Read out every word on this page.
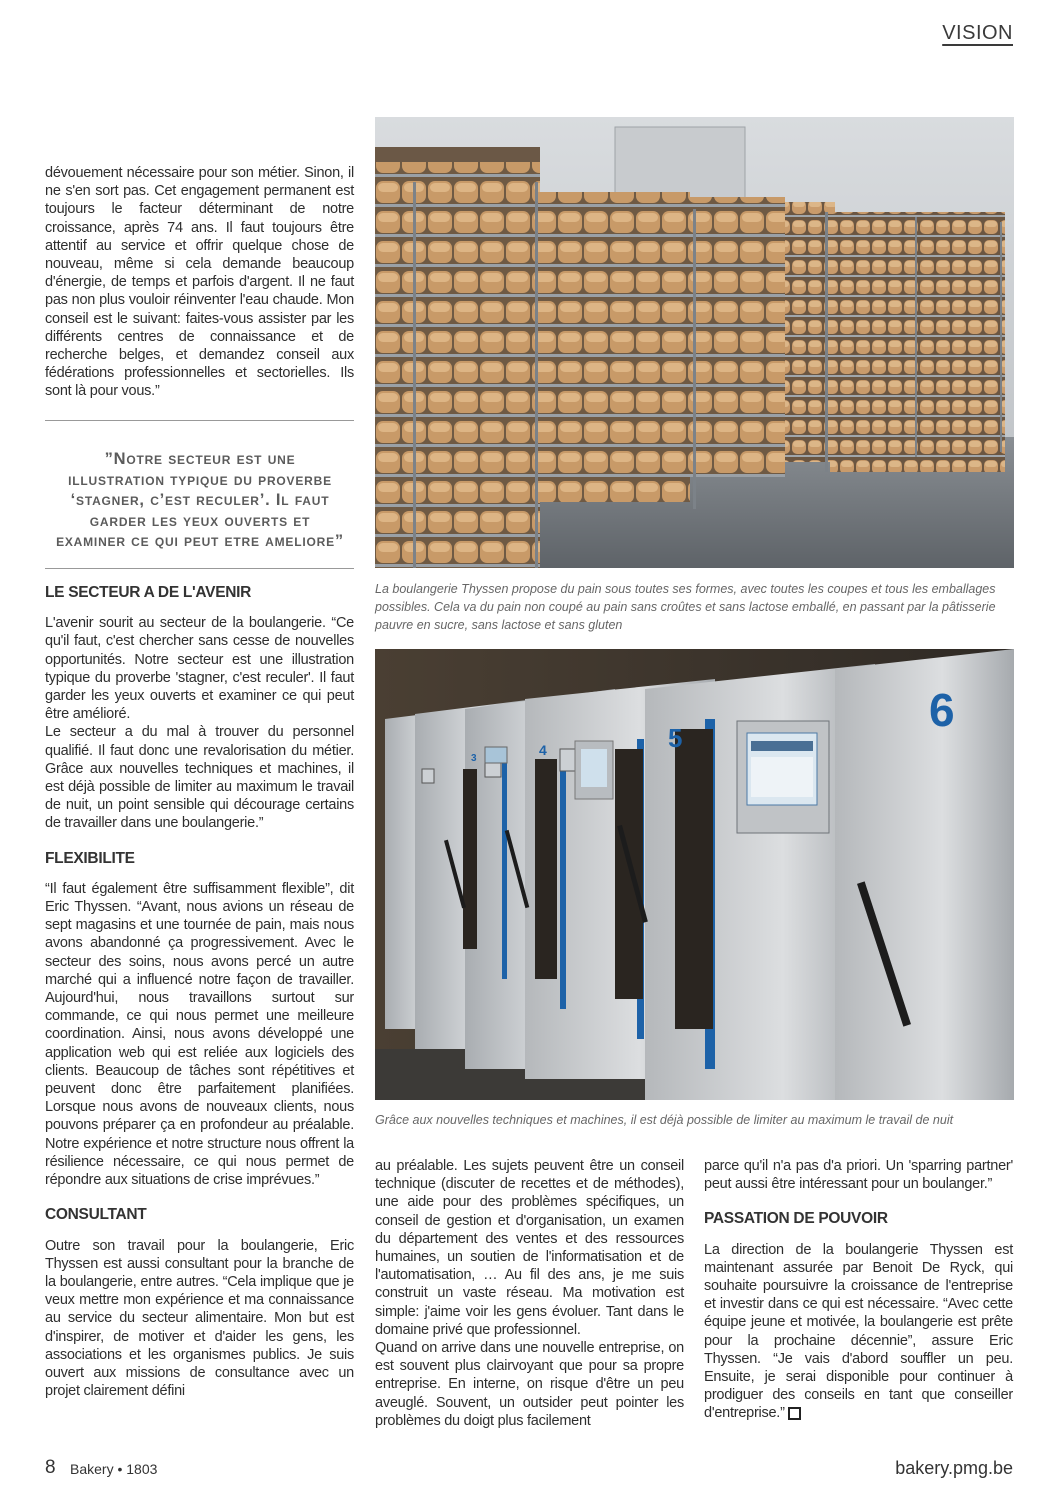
VISION

dévouement nécessaire pour son métier. Sinon, il ne s'en sort pas. Cet engagement permanent est toujours le facteur déterminant de notre croissance, après 74 ans. Il faut toujours être attentif au service et offrir quelque chose de nouveau, même si cela demande beaucoup d'énergie, de temps et parfois d'argent. Il ne faut pas non plus vouloir réinventer l'eau chaude. Mon conseil est le suivant: faites-vous assister par les différents centres de connaissance et de recherche belges, et demandez conseil aux fédérations professionnelles et sectorielles. Ils sont là pour vous.”

”Notre secteur est une illustration typique du proverbe ‘stagner, c’est reculer’. Il faut garder les yeux ouverts et examiner ce qui peut etre ameliore”

LE SECTEUR A DE L'AVENIR

L'avenir sourit au secteur de la boulangerie. “Ce qu'il faut, c'est chercher sans cesse de nouvelles opportunités. Notre secteur est une illustration typique du proverbe 'stagner, c'est reculer'. Il faut garder les yeux ouverts et examiner ce qui peut être amélioré.

Le secteur a du mal à trouver du personnel qualifié. Il faut donc une revalorisation du métier. Grâce aux nouvelles techniques et machines, il est déjà possible de limiter au maximum le travail de nuit, un point sensible qui décourage certains de travailler dans une boulangerie.”

FLEXIBILITE

“Il faut également être suffisamment flexible”, dit Eric Thyssen. “Avant, nous avions un réseau de sept magasins et une tournée de pain, mais nous avons abandonné ça progressivement. Avec le secteur des soins, nous avons percé un autre marché qui a influencé notre façon de travailler. Aujourd'hui, nous travaillons surtout sur commande, ce qui nous permet une meilleure coordination. Ainsi, nous avons développé une application web qui est reliée aux logiciels des clients. Beaucoup de tâches sont répétitives et peuvent donc être parfaitement planifiées. Lorsque nous avons de nouveaux clients, nous pouvons préparer ça en profondeur au préalable. Notre expérience et notre structure nous offrent la résilience nécessaire, ce qui nous permet de répondre aux situations de crise imprévues.”

CONSULTANT

Outre son travail pour la boulangerie, Eric Thyssen est aussi consultant pour la branche de la boulangerie, entre autres. “Cela implique que je veux mettre mon expérience et ma connaissance au service du secteur alimentaire. Mon but est d'inspirer, de motiver et d'aider les gens, les associations et les organismes publics. Je suis ouvert aux missions de consultance avec un projet clairement défini

La boulangerie Thyssen propose du pain sous toutes ses formes, avec toutes les coupes et tous les emballages possibles. Cela va du pain non coupé au pain sans croûtes et sans lactose emballé, en passant par la pâtisserie pauvre en sucre, sans lactose et sans gluten
5
6
4
3
Grâce aux nouvelles techniques et machines, il est déjà possible de limiter au maximum le travail de nuit

au préalable. Les sujets peuvent être un conseil technique (discuter de recettes et de méthodes), une aide pour des problèmes spécifiques, un conseil de gestion et d'organisation, un examen du département des ventes et des ressources humaines, un soutien de l'informatisation et de l'automatisation, … Au fil des ans, je me suis construit un vaste réseau. Ma motivation est simple: j'aime voir les gens évoluer. Tant dans le domaine privé que professionnel.

Quand on arrive dans une nouvelle entreprise, on est souvent plus clairvoyant que pour sa propre entreprise. En interne, on risque d'être un peu aveuglé. Souvent, un outsider peut pointer les problèmes du doigt plus facilement

parce qu'il n'a pas d'a priori. Un 'sparring partner' peut aussi être intéressant pour un boulanger.”

PASSATION DE POUVOIR

La direction de la boulangerie Thyssen est maintenant assurée par Benoit De Ryck, qui souhaite poursuivre la croissance de l'entreprise et investir dans ce qui est nécessaire. “Avec cette équipe jeune et motivée, la boulangerie est prête pour la prochaine décennie”, assure Eric Thyssen. “Je vais d'abord souffler un peu. Ensuite, je serai disponible pour continuer à prodiguer des conseils en tant que conseiller d'entreprise.”

8 Bakery • 1803	bakery.pmg.be
